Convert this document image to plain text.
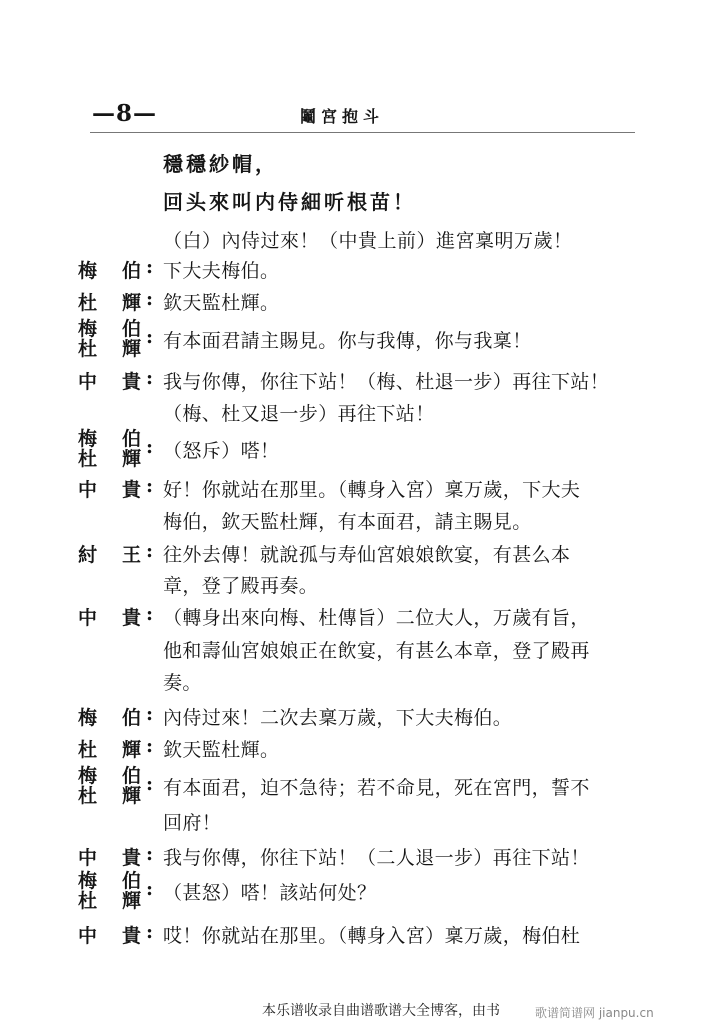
—8—	鬮宮抱斗
穩穩紗帽，
回头來叫内侍細听根苗！
（白）內侍过來！（中貴上前）進宮稟明万歲！
梅 伯 : 下大夫梅伯。
杜 輝 : 欽天監杜輝。
梅 伯
杜 輝
: 有本面君請主賜見。你与我傳，你与我稟！
中 貴 : 我与你傳，你往下站！（梅、杜退一步）再往下站！
（梅、杜又退一步）再往下站！
梅 伯
杜 輝
: （怒斥）嗒！
中 貴 : 好！你就站在那里。（轉身入宮）稟万歲，下大夫
梅伯，欽天監杜輝，有本面君，請主賜見。
紂 王 : 往外去傳！就說孤与寿仙宮娘娘飲宴，有甚么本
章，登了殿再奏。
中 貴 : （轉身出來向梅、杜傳旨）二位大人，万歲有旨，
他和壽仙宮娘娘正在飲宴，有甚么本章，登了殿再
奏。
梅 伯 : 內侍过來！二次去稟万歲，下大夫梅伯。
杜 輝 : 欽天監杜輝。
梅 伯
杜 輝
: 有本面君，迫不急待；若不命見，死在宮門，誓不
回府！
中 貴 : 我与你傳，你往下站！（二人退一步）再往下站！
梅 伯
杜 輝
: （甚怒）嗒！該站何处？
中 貴 : 哎！你就站在那里。（轉身入宮）稟万歲，梅伯杜
本乐谱收录自曲谱歌谱大全博客，由书	歌谱简谱网 jianpu.cn
